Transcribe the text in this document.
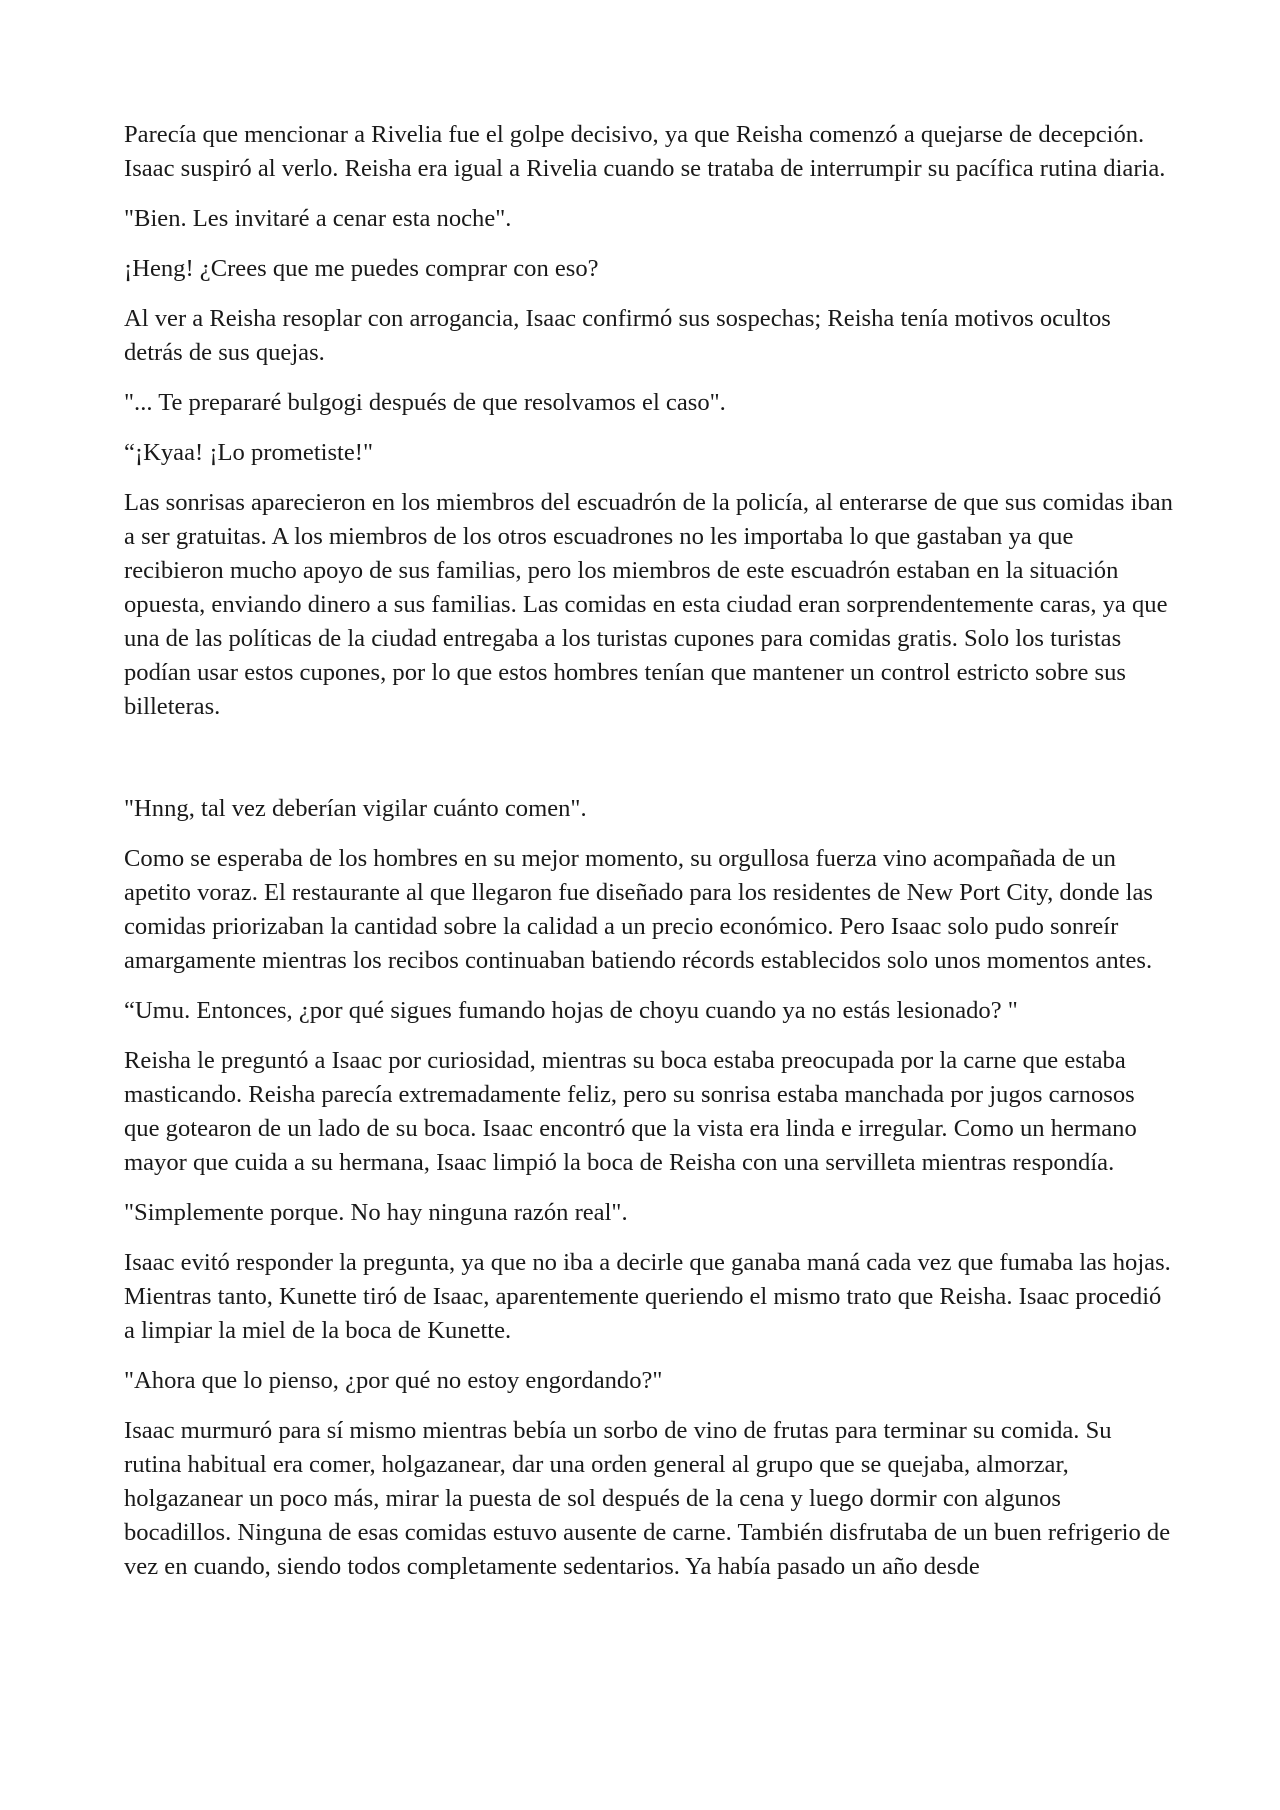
Parecía que mencionar a Rivelia fue el golpe decisivo, ya que Reisha comenzó a quejarse de decepción. Isaac suspiró al verlo. Reisha era igual a Rivelia cuando se trataba de interrumpir su pacífica rutina diaria.

"Bien. Les invitaré a cenar esta noche".

¡Heng! ¿Crees que me puedes comprar con eso?

Al ver a Reisha resoplar con arrogancia, Isaac confirmó sus sospechas; Reisha tenía motivos ocultos detrás de sus quejas.

"... Te prepararé bulgogi después de que resolvamos el caso".

“¡Kyaa! ¡Lo prometiste!"

Las sonrisas aparecieron en los miembros del escuadrón de la policía, al enterarse de que sus comidas iban a ser gratuitas. A los miembros de los otros escuadrones no les importaba lo que gastaban ya que recibieron mucho apoyo de sus familias, pero los miembros de este escuadrón estaban en la situación opuesta, enviando dinero a sus familias. Las comidas en esta ciudad eran sorprendentemente caras, ya que una de las políticas de la ciudad entregaba a los turistas cupones para comidas gratis. Solo los turistas podían usar estos cupones, por lo que estos hombres tenían que mantener un control estricto sobre sus billeteras.

"Hnng, tal vez deberían vigilar cuánto comen".

Como se esperaba de los hombres en su mejor momento, su orgullosa fuerza vino acompañada de un apetito voraz. El restaurante al que llegaron fue diseñado para los residentes de New Port City, donde las comidas priorizaban la cantidad sobre la calidad a un precio económico. Pero Isaac solo pudo sonreír amargamente mientras los recibos continuaban batiendo récords establecidos solo unos momentos antes.

“Umu. Entonces, ¿por qué sigues fumando hojas de choyu cuando ya no estás lesionado? "

Reisha le preguntó a Isaac por curiosidad, mientras su boca estaba preocupada por la carne que estaba masticando. Reisha parecía extremadamente feliz, pero su sonrisa estaba manchada por jugos carnosos que gotearon de un lado de su boca. Isaac encontró que la vista era linda e irregular. Como un hermano mayor que cuida a su hermana, Isaac limpió la boca de Reisha con una servilleta mientras respondía.

"Simplemente porque. No hay ninguna razón real".

Isaac evitó responder la pregunta, ya que no iba a decirle que ganaba maná cada vez que fumaba las hojas. Mientras tanto, Kunette tiró de Isaac, aparentemente queriendo el mismo trato que Reisha. Isaac procedió a limpiar la miel de la boca de Kunette.

"Ahora que lo pienso, ¿por qué no estoy engordando?"

Isaac murmuró para sí mismo mientras bebía un sorbo de vino de frutas para terminar su comida. Su rutina habitual era comer, holgazanear, dar una orden general al grupo que se quejaba, almorzar, holgazanear un poco más, mirar la puesta de sol después de la cena y luego dormir con algunos bocadillos. Ninguna de esas comidas estuvo ausente de carne. También disfrutaba de un buen refrigerio de vez en cuando, siendo todos completamente sedentarios. Ya había pasado un año desde
